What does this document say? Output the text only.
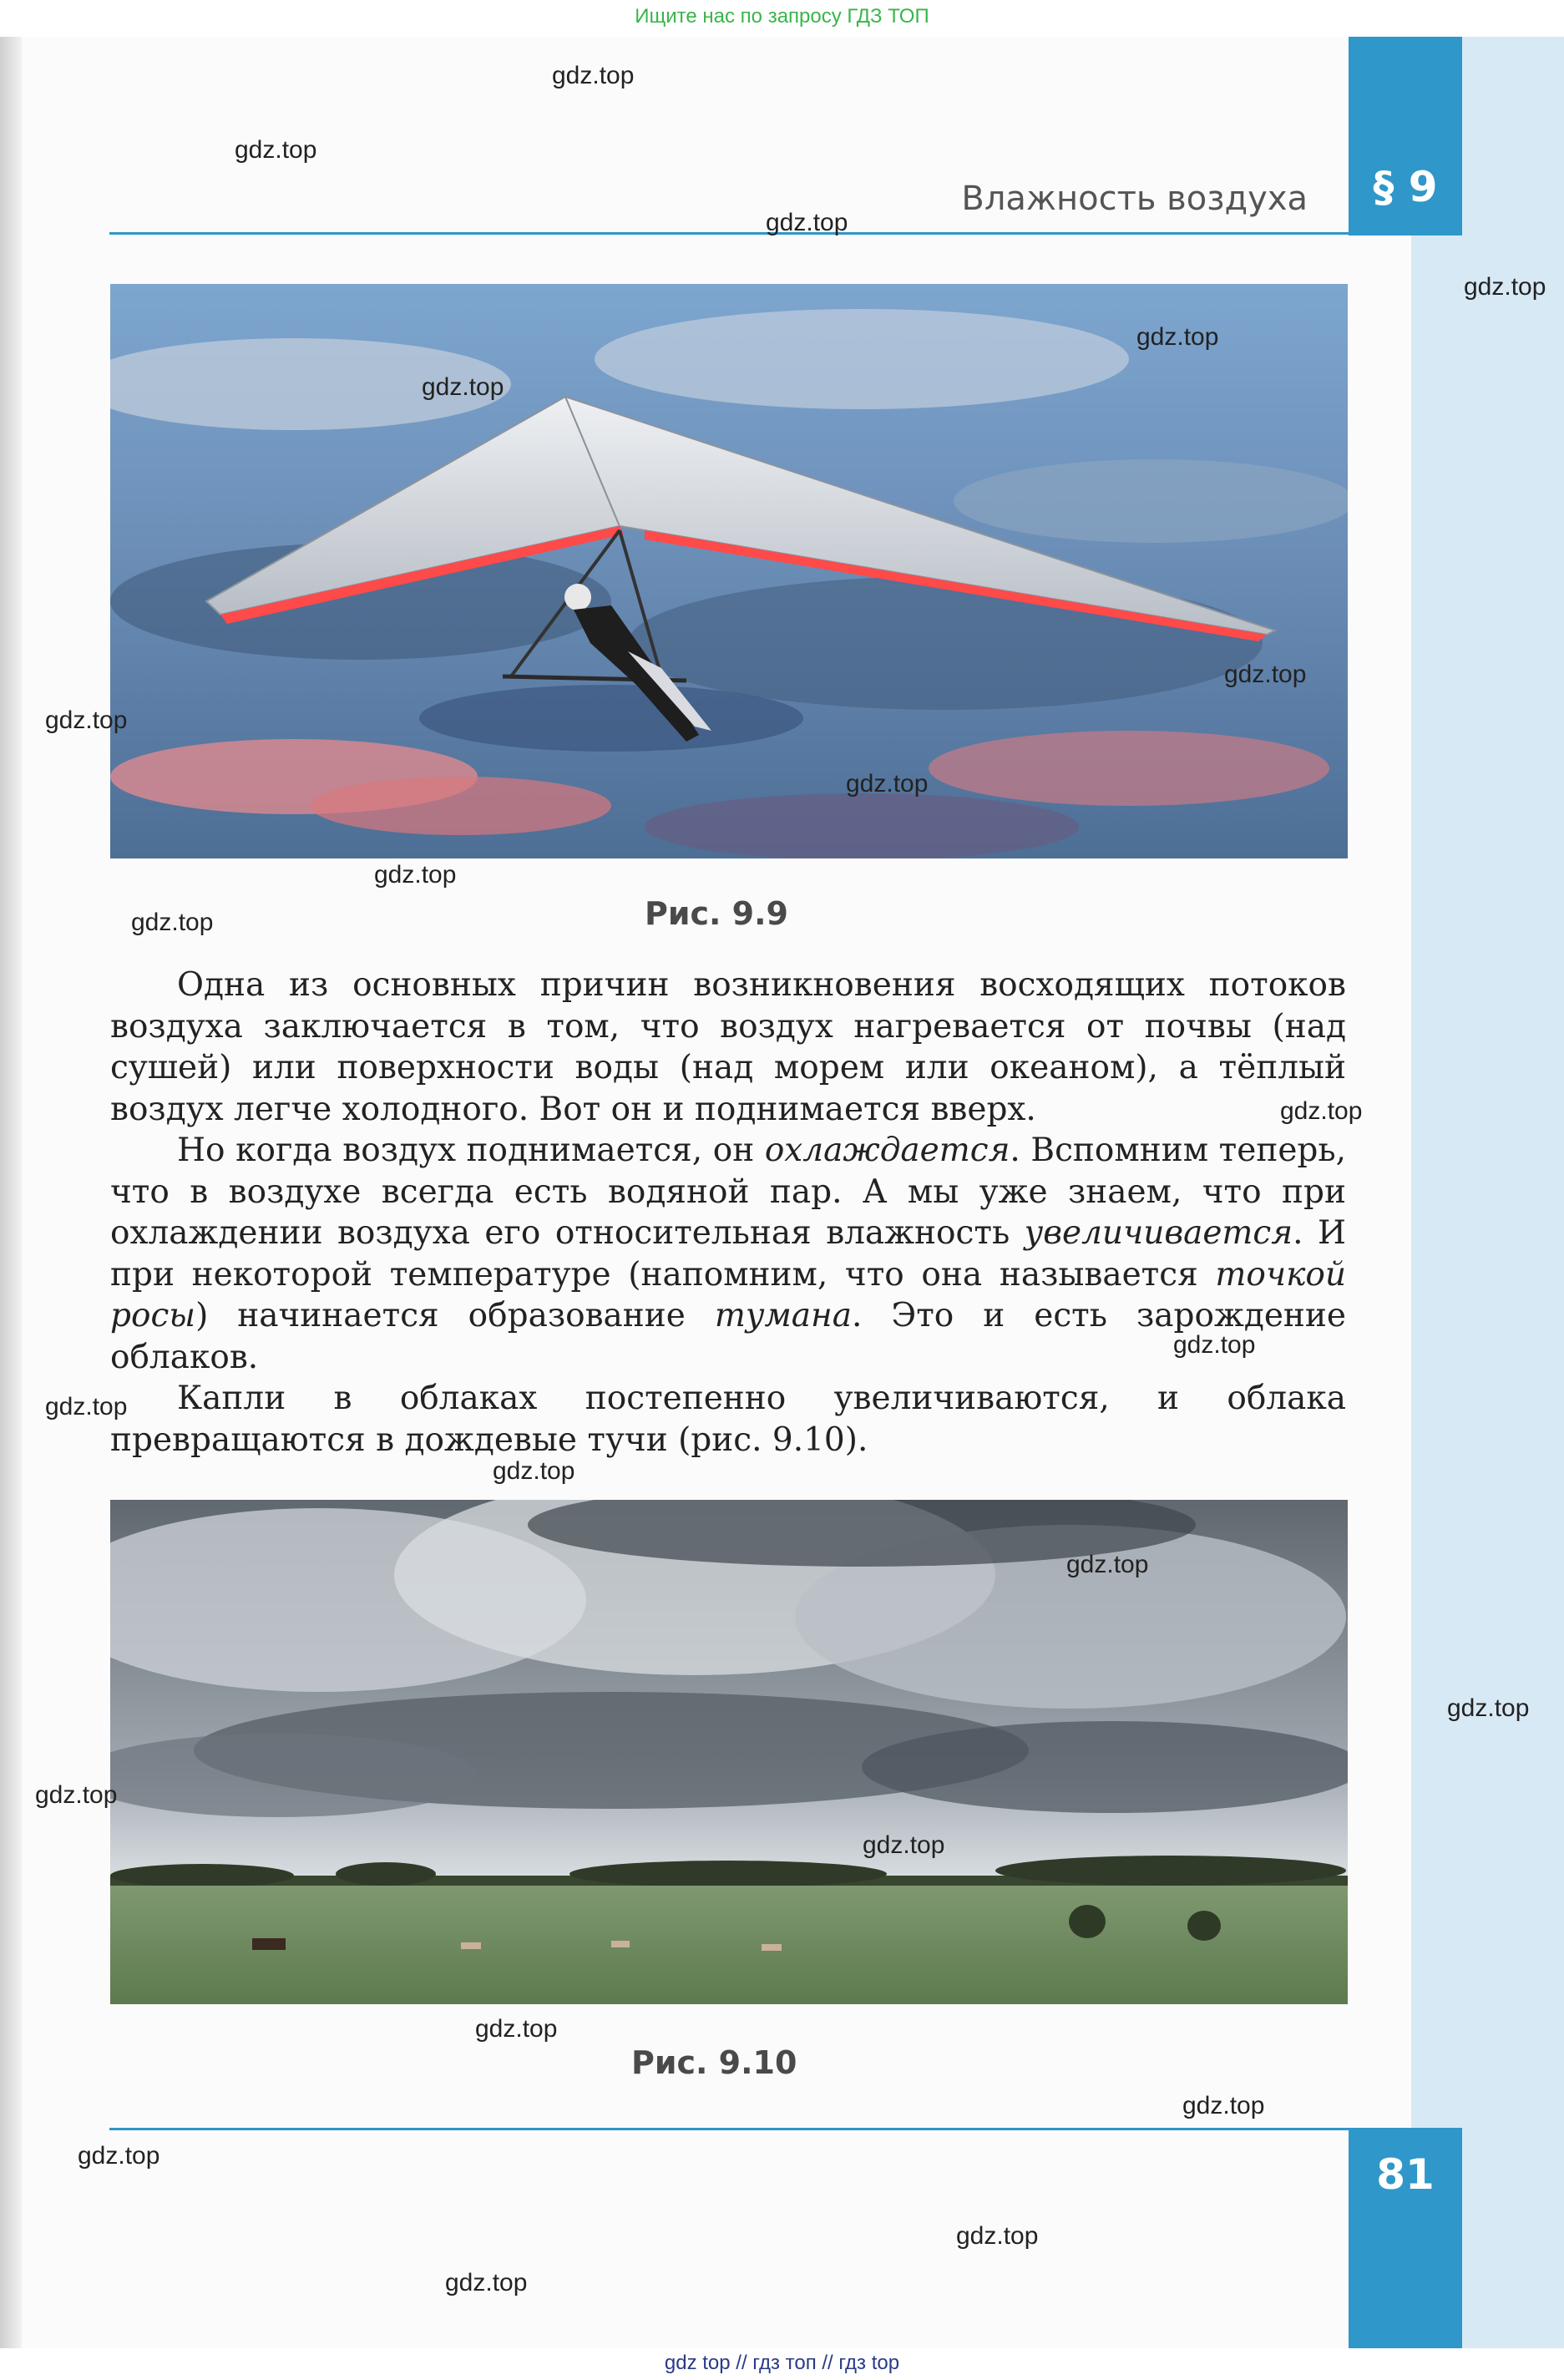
Ищите нас по запросу ГДЗ ТОП
§ 9
Влажность воздуха
Рис. 9.9

Одна из основных причин возникновения восходящих потоков воздуха заключается в том, что воздух нагревается от почвы (над сушей) или поверхности воды (над морем или океаном), а тёплый воздух легче холодного. Вот он и поднимается вверх.

Но когда воздух поднимается, он охлаждается. Вспомним теперь, что в воздухе всегда есть водяной пар. А мы уже знаем, что при охлаждении воздуха его относительная влажность увеличивается. И при некоторой температуре (напомним, что она называется точкой росы) начинается образование тумана. Это и есть зарождение облаков.

Капли в облаках постепенно увеличиваются, и облака превращаются в дождевые тучи (рис. 9.10).

Рис. 9.10
81
gdz.top
gdz.top
gdz.top
gdz.top
gdz.top
gdz.top
gdz.top
gdz.top
gdz.top
gdz.top
gdz.top
gdz.top
gdz.top
gdz.top
gdz.top
gdz.top
gdz.top
gdz.top
gdz.top
gdz.top
gdz.top
gdz.top
gdz.top
gdz.top
gdz top // гдз топ // гдз top
